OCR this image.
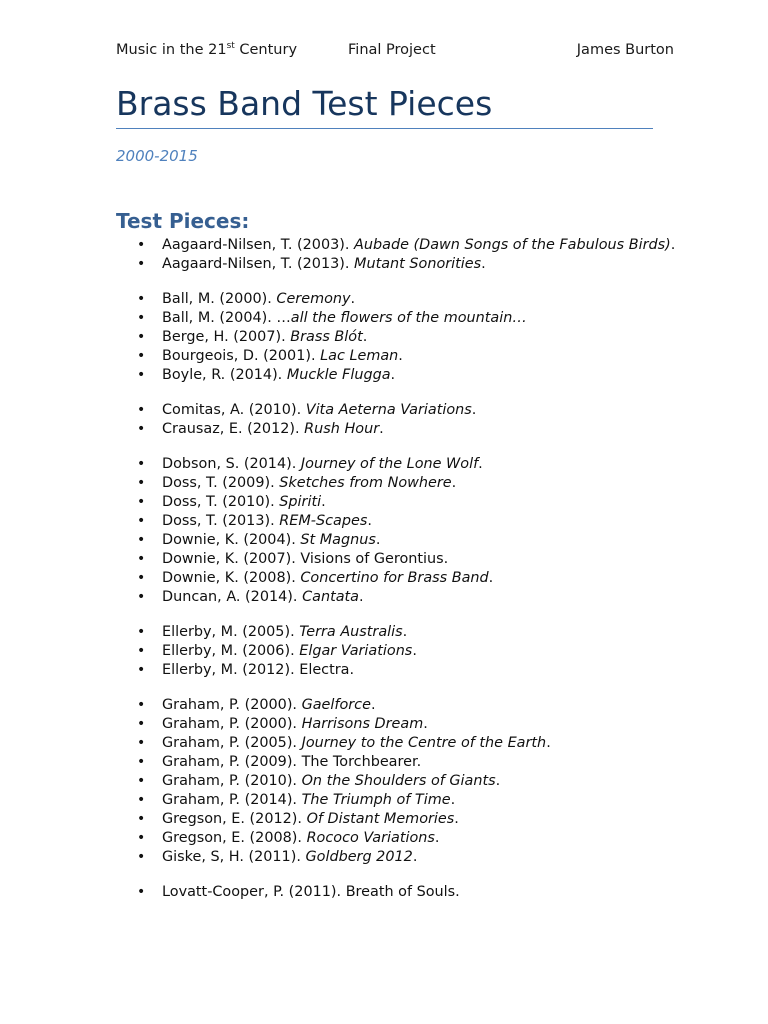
Music in the 21st Century	Final Project	James Burton
Brass Band Test Pieces
2000-2015
Test Pieces:
• Aagaard-Nilsen, T. (2003). Aubade (Dawn Songs of the Fabulous Birds).
• Aagaard-Nilsen, T. (2013). Mutant Sonorities.
• Ball, M. (2000). Ceremony.
• Ball, M. (2004). …all the flowers of the mountain…
• Berge, H. (2007). Brass Blót.
• Bourgeois, D. (2001). Lac Leman.
• Boyle, R. (2014). Muckle Flugga.
• Comitas, A. (2010). Vita Aeterna Variations.
• Crausaz, E. (2012). Rush Hour.
• Dobson, S. (2014). Journey of the Lone Wolf.
• Doss, T. (2009). Sketches from Nowhere.
• Doss, T. (2010). Spiriti.
• Doss, T. (2013). REM-Scapes.
• Downie, K. (2004). St Magnus.
• Downie, K. (2007). Visions of Gerontius.
• Downie, K. (2008). Concertino for Brass Band.
• Duncan, A. (2014). Cantata.
• Ellerby, M. (2005). Terra Australis.
• Ellerby, M. (2006). Elgar Variations.
• Ellerby, M. (2012). Electra.
• Graham, P. (2000). Gaelforce.
• Graham, P. (2000). Harrisons Dream.
• Graham, P. (2005). Journey to the Centre of the Earth.
• Graham, P. (2009). The Torchbearer.
• Graham, P. (2010). On the Shoulders of Giants.
• Graham, P. (2014). The Triumph of Time.
• Gregson, E. (2012). Of Distant Memories.
• Gregson, E. (2008). Rococo Variations.
• Giske, S, H. (2011). Goldberg 2012.
• Lovatt-Cooper, P. (2011). Breath of Souls.
